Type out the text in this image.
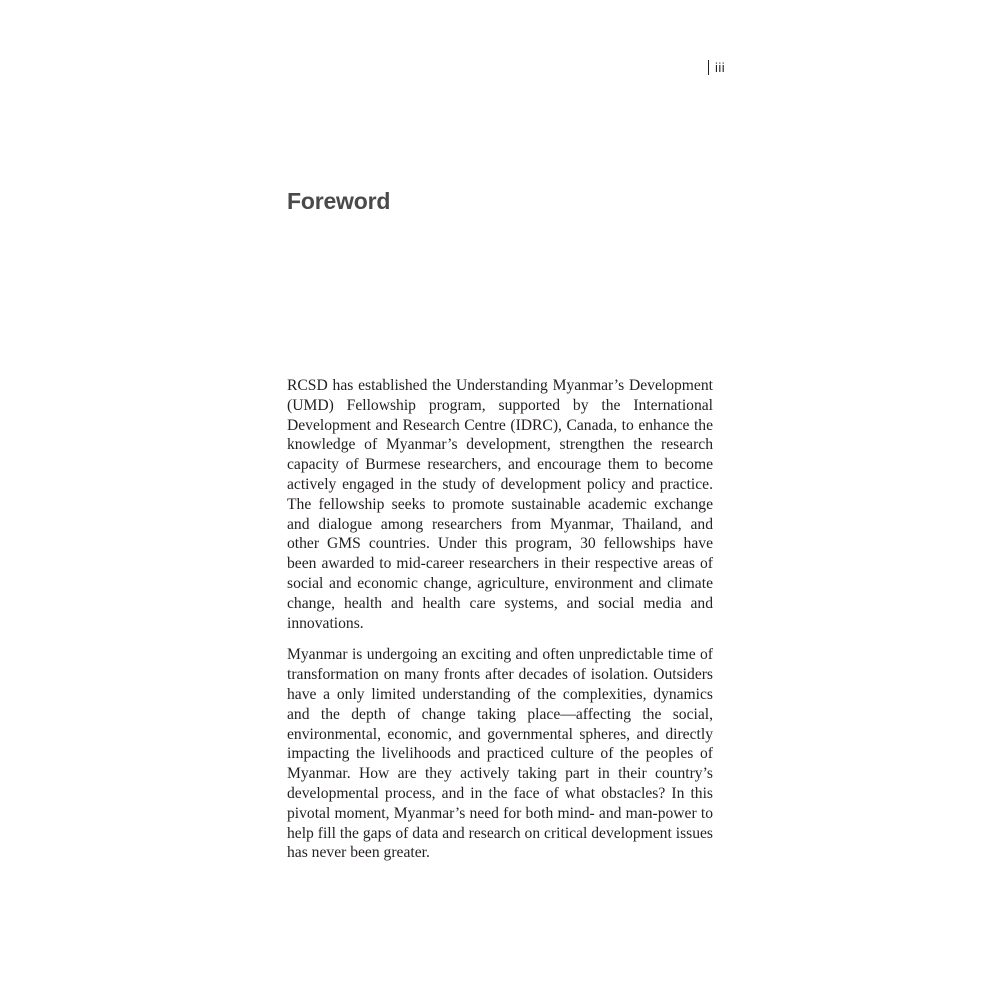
iii
Foreword

RCSD has established the Understanding Myanmar’s Development (UMD) Fellowship program, supported by the International Development and Research Centre (IDRC), Canada, to enhance the knowledge of Myanmar’s development, strengthen the research capacity of Burmese researchers, and encourage them to become actively engaged in the study of development policy and practice. The fellowship seeks to promote sustainable academic exchange and dialogue among researchers from Myanmar, Thailand, and other GMS countries. Under this program, 30 fellowships have been awarded to mid-career researchers in their respective areas of social and economic change, agriculture, environment and climate change, health and health care systems, and social media and innovations.

Myanmar is undergoing an exciting and often unpredictable time of transformation on many fronts after decades of isolation. Outsiders have a only limited understanding of the complexities, dynamics and the depth of change taking place—affecting the social, environmental, economic, and governmental spheres, and directly impacting the livelihoods and practiced culture of the peoples of Myanmar. How are they actively taking part in their country’s developmental process, and in the face of what obstacles? In this pivotal moment, Myanmar’s need for both mind- and man-power to help fill the gaps of data and research on critical development issues has never been greater.
